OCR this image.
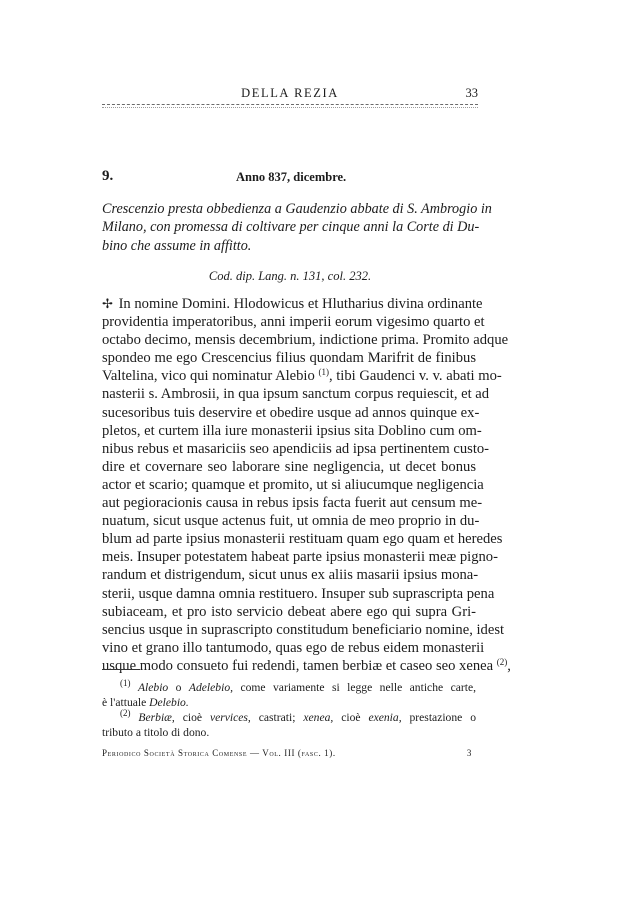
DELLA REZIA	33
9.	Anno 837, dicembre.
Crescenzio presta obbedienza a Gaudenzio abbate di S. Ambrogio in
Milano, con promessa di coltivare per cinque anni la Corte di Du-
bino che assume in affitto.
Cod. dip. Lang. n. 131, col. 232.
✢ In nomine Domini. Hlodowicus et Hlutharius divina ordinante
providentia imperatoribus, anni imperii eorum vigesimo quarto et
octabo decimo, mensis decembrium, indictione prima. Promito adque
spondeo me ego Crescencius filius quondam Marifrit de finibus
Valtelina, vico qui nominatur Alebio $^{(1)}$, tibi Gaudenci v. v. abati mo-
nasterii s. Ambrosii, in qua ipsum sanctum corpus requiescit, et ad
sucesoribus tuis deservire et obedire usque ad annos quinque ex-
pletos, et curtem illa iure monasterii ipsius sita Doblino cum om-
nibus rebus et masariciis seo apendiciis ad ipsa pertinentem custo-
dire et covernare seo laborare sine negligencia, ut decet bonus
actor et scario; quamque et promito, ut si aliucumque negligencia
aut pegioracionis causa in rebus ipsis facta fuerit aut censum me-
nuatum, sicut usque actenus fuit, ut omnia de meo proprio in du-
blum ad parte ipsius monasterii restituam quam ego quam et heredes
meis. Insuper potestatem habeat parte ipsius monasterii meæ pigno-
randum et distrigendum, sicut unus ex aliis masarii ipsius mona-
sterii, usque damna omnia restituero. Insuper sub suprascripta pena
subiaceam, et pro isto servicio debeat abere ego qui supra Gri-
sencius usque in suprascripto constitudum beneficiario nomine, idest
vino et grano illo tantumodo, quas ego de rebus eidem monasterii
usque modo consueto fui redendi, tamen berbiæ et caseo seo xenea $^{(2)}$,
$^{(1)}$ Alebio o Adelebio, come variamente si legge nelle antiche carte,
è l'attuale Delebio.
$^{(2)}$ Berbiæ, cioè vervices, castrati; xenea, cioè exenia, prestazione o
tributo a titolo di dono.
Periodico Società Storica Comense — Vol. III (fasc. 1).	3
